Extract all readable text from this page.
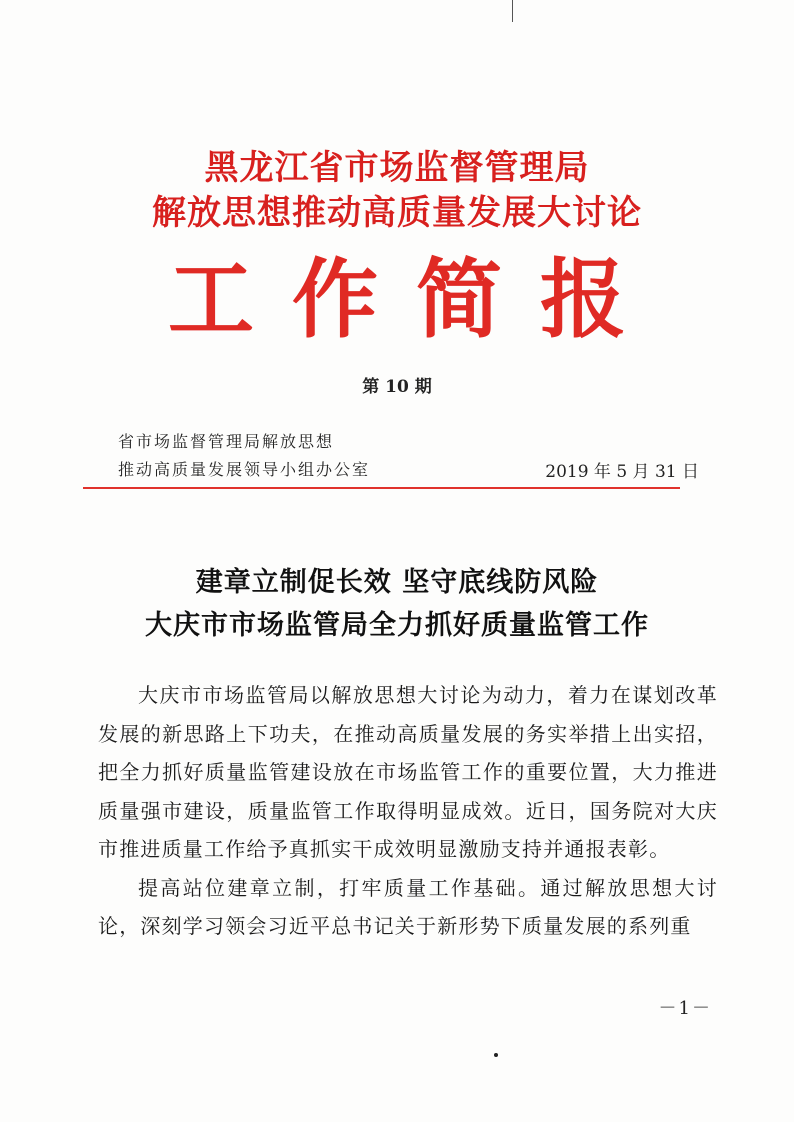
黑龙江省市场监督管理局
解放思想推动高质量发展大讨论
工作简报
第 10 期
省市场监督管理局解放思想
推动高质量发展领导小组办公室	2019 年 5 月 31 日
建章立制促长效 坚守底线防风险
大庆市市场监管局全力抓好质量监管工作

大庆市市场监管局以解放思想大讨论为动力，着力在谋划改革发展的新思路上下功夫，在推动高质量发展的务实举措上出实招，把全力抓好质量监管建设放在市场监管工作的重要位置，大力推进质量强市建设，质量监管工作取得明显成效。近日，国务院对大庆市推进质量工作给予真抓实干成效明显激励支持并通报表彰。

提高站位建章立制，打牢质量工作基础。通过解放思想大讨论，深刻学习领会习近平总书记关于新形势下质量发展的系列重

－1－
